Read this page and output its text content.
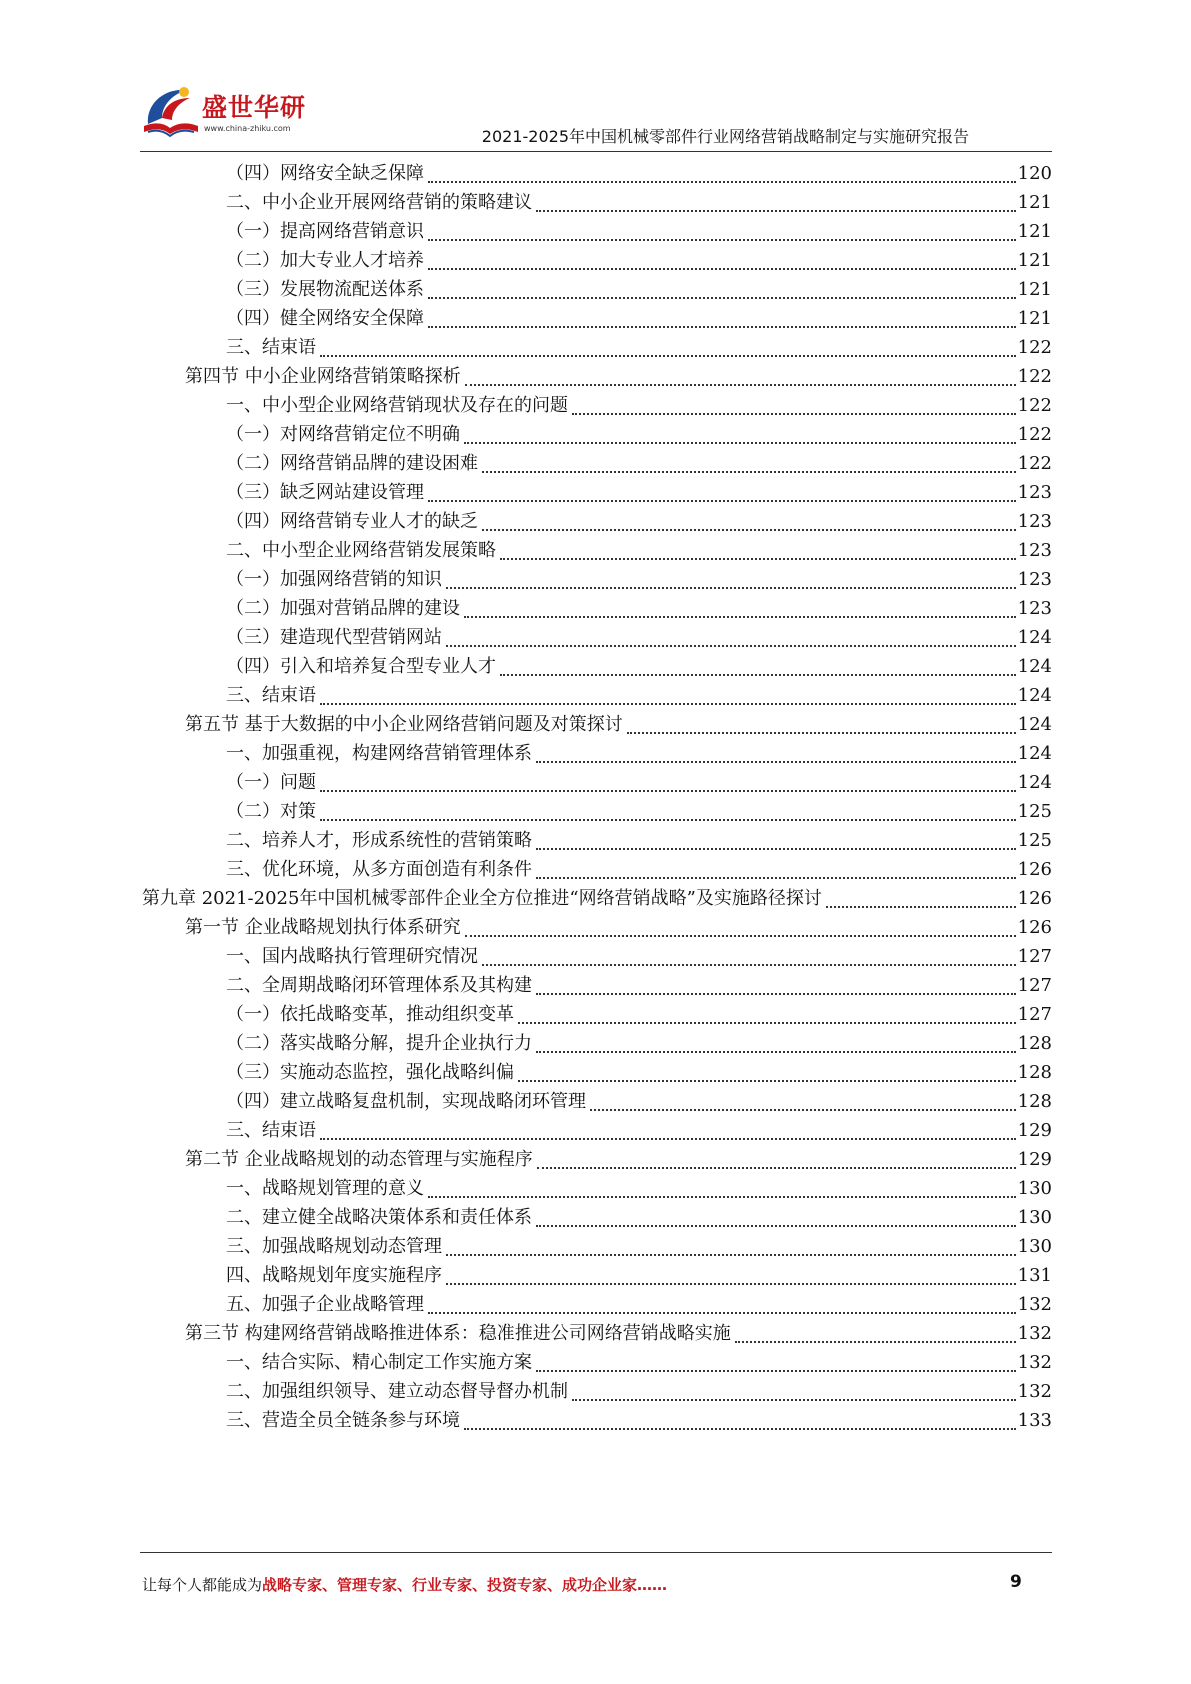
盛世华研
www.china-zhiku.com	2021-2025年中国机械零部件行业网络营销战略制定与实施研究报告
（四）网络安全缺乏保障	120
二、中小企业开展网络营销的策略建议	121
（一）提高网络营销意识	121
（二）加大专业人才培养	121
（三）发展物流配送体系	121
（四）健全网络安全保障	121
三、结束语	122
第四节 中小企业网络营销策略探析	122
一、中小型企业网络营销现状及存在的问题	122
（一）对网络营销定位不明确	122
（二）网络营销品牌的建设困难	122
（三）缺乏网站建设管理	123
（四）网络营销专业人才的缺乏	123
二、中小型企业网络营销发展策略	123
（一）加强网络营销的知识	123
（二）加强对营销品牌的建设	123
（三）建造现代型营销网站	124
（四）引入和培养复合型专业人才	124
三、结束语	124
第五节 基于大数据的中小企业网络营销问题及对策探讨	124
一、加强重视，构建网络营销管理体系	124
（一）问题	124
（二）对策	125
二、培养人才，形成系统性的营销策略	125
三、优化环境，从多方面创造有利条件	126
第九章 2021-2025年中国机械零部件企业全方位推进“网络营销战略”及实施路径探讨	126
第一节 企业战略规划执行体系研究	126
一、国内战略执行管理研究情况	127
二、全周期战略闭环管理体系及其构建	127
（一）依托战略变革，推动组织变革	127
（二）落实战略分解，提升企业执行力	128
（三）实施动态监控，强化战略纠偏	128
（四）建立战略复盘机制，实现战略闭环管理	128
三、结束语	129
第二节 企业战略规划的动态管理与实施程序	129
一、战略规划管理的意义	130
二、建立健全战略决策体系和责任体系	130
三、加强战略规划动态管理	130
四、战略规划年度实施程序	131
五、加强子企业战略管理	132
第三节 构建网络营销战略推进体系：稳准推进公司网络营销战略实施	132
一、结合实际、精心制定工作实施方案	132
二、加强组织领导、建立动态督导督办机制	132
三、营造全员全链条参与环境	133
让每个人都能成为战略专家、管理专家、行业专家、投资专家、成功企业家……	9
